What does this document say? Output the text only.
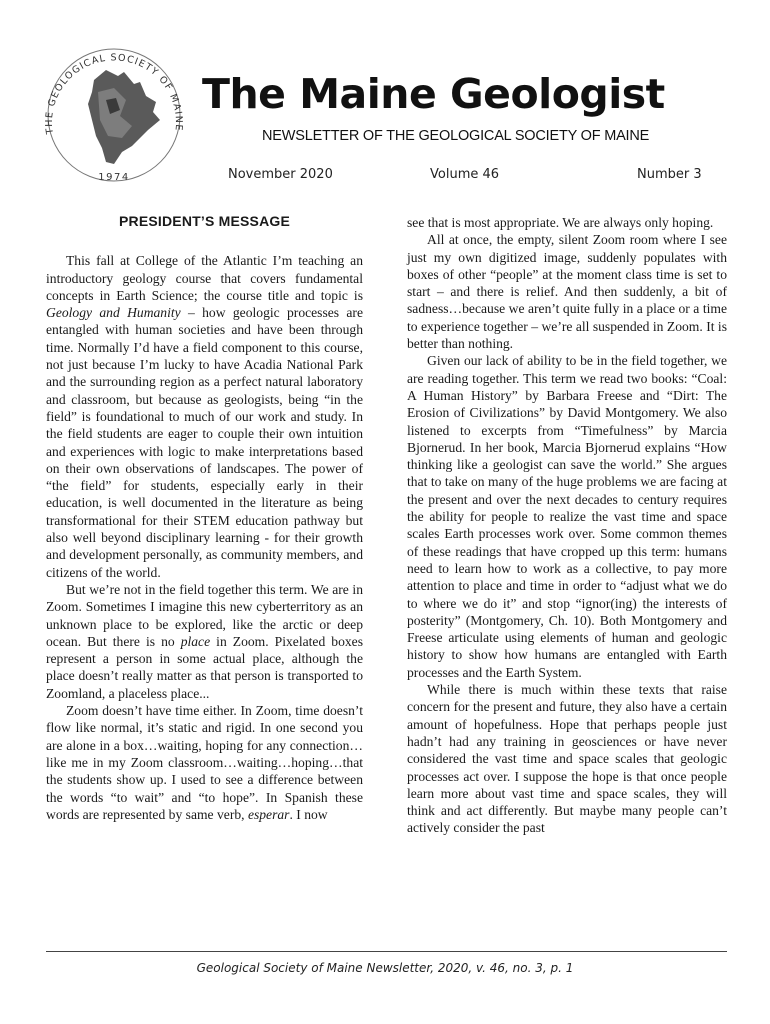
THE GEOLOGICAL SOCIETY OF MAINE
1974
The Maine Geologist
NEWSLETTER OF THE GEOLOGICAL SOCIETY OF MAINE
November 2020	Volume 46	Number 3
PRESIDENT’S MESSAGE

This fall at College of the Atlantic I’m teaching an introductory geology course that covers fundamental concepts in Earth Science; the course title and topic is Geology and Humanity – how geologic processes are entangled with human societies and have been through time. Normally I’d have a field component to this course, not just because I’m lucky to have Acadia National Park and the surrounding region as a perfect natural laboratory and classroom, but because as geologists, being “in the field” is foundational to much of our work and study. In the field students are eager to couple their own intuition and experiences with logic to make interpretations based on their own observations of landscapes. The power of “the field” for students, especially early in their education, is well documented in the literature as being transformational for their STEM education pathway but also well beyond disciplinary learning - for their growth and development personally, as community members, and citizens of the world.

But we’re not in the field together this term. We are in Zoom. Sometimes I imagine this new cyberterritory as an unknown place to be explored, like the arctic or deep ocean. But there is no place in Zoom. Pixelated boxes represent a person in some actual place, although the place doesn’t really matter as that person is transported to Zoomland, a placeless place...

Zoom doesn’t have time either. In Zoom, time doesn’t flow like normal, it’s static and rigid. In one second you are alone in a box…waiting, hoping for any connection…like me in my Zoom classroom…waiting…hoping…that the students show up. I used to see a difference between the words “to wait” and “to hope”. In Spanish these words are represented by same verb, esperar. I now

see that is most appropriate. We are always only hoping.

All at once, the empty, silent Zoom room where I see just my own digitized image, suddenly populates with boxes of other “people” at the moment class time is set to start – and there is relief. And then suddenly, a bit of sadness…because we aren’t quite fully in a place or a time to experience together – we’re all suspended in Zoom. It is better than nothing.

Given our lack of ability to be in the field together, we are reading together. This term we read two books: “Coal: A Human History” by Barbara Freese and “Dirt: The Erosion of Civilizations” by David Montgomery. We also listened to excerpts from “Timefulness” by Marcia Bjornerud. In her book, Marcia Bjornerud explains “How thinking like a geologist can save the world.” She argues that to take on many of the huge problems we are facing at the present and over the next decades to century requires the ability for people to realize the vast time and space scales Earth processes work over. Some common themes of these readings that have cropped up this term: humans need to learn how to work as a collective, to pay more attention to place and time in order to “adjust what we do to where we do it” and stop “ignor(ing) the interests of posterity” (Montgomery, Ch. 10). Both Montgomery and Freese articulate using elements of human and geologic history to show how humans are entangled with Earth processes and the Earth System.

While there is much within these texts that raise concern for the present and future, they also have a certain amount of hopefulness. Hope that perhaps people just hadn’t had any training in geosciences or have never considered the vast time and space scales that geologic processes act over. I suppose the hope is that once people learn more about vast time and space scales, they will think and act differently. But maybe many people can’t actively consider the past

Geological Society of Maine Newsletter, 2020, v. 46, no. 3, p. 1
